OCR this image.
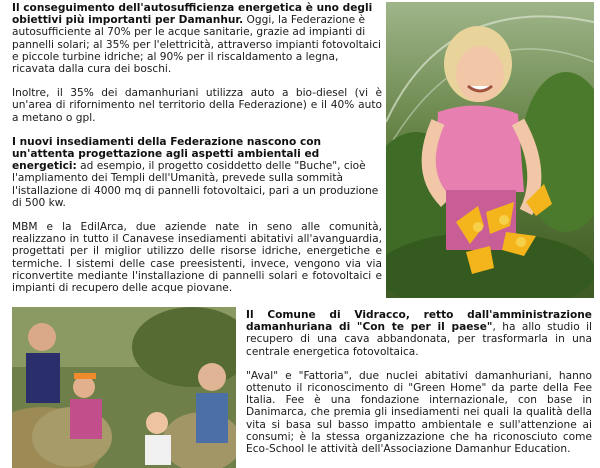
Il conseguimento dell'autosufficienza energetica è uno degli obiettivi più importanti per Damanhur. Oggi, la Federazione è autosufficiente al 70% per le acque sanitarie, grazie ad impianti di pannelli solari; al 35% per l'elettricità, attraverso impianti fotovoltaici e piccole turbine idriche; al 90% per il riscaldamento a legna, ricavata dalla cura dei boschi.

Inoltre, il 35% dei damanhuriani utilizza auto a bio-diesel (vi è un'area di rifornimento nel territorio della Federazione) e il 40% auto a metano o gpl.

I nuovi insediamenti della Federazione nascono con un'attenta progettazione agli aspetti ambientali ed energetici: ad esempio, il progetto cosiddetto delle "Buche", cioè l'ampliamento dei Templi dell'Umanità, prevede sulla sommità l'istallazione di 4000 mq di pannelli fotovoltaici, pari a un produzione di 500 kw.

MBM e la EdilArca, due aziende nate in seno alle comunità, realizzano in tutto il Canavese insediamenti abitativi all'avanguardia, progettati per il miglior utilizzo delle risorse idriche, energetiche e termiche. I sistemi delle case preesistenti, invece, vengono via via riconvertite mediante l'installazione di pannelli solari e fotovoltaici e impianti di recupero delle acque piovane.

Il Comune di Vidracco, retto dall'amministrazione damanhuriana di "Con te per il paese", ha allo studio il recupero di una cava abbandonata, per trasformarla in una centrale energetica fotovoltaica.

"Aval" e "Fattoria", due nuclei abitativi damanhuriani, hanno ottenuto il riconoscimento di "Green Home" da parte della Fee Italia. Fee è una fondazione internazionale, con base in Danimarca, che premia gli insediamenti nei quali la qualità della vita si basa sul basso impatto ambientale e sull'attenzione ai consumi; è la stessa organizzazione che ha riconosciuto come Eco-School le attività dell'Associazione Damanhur Education.
